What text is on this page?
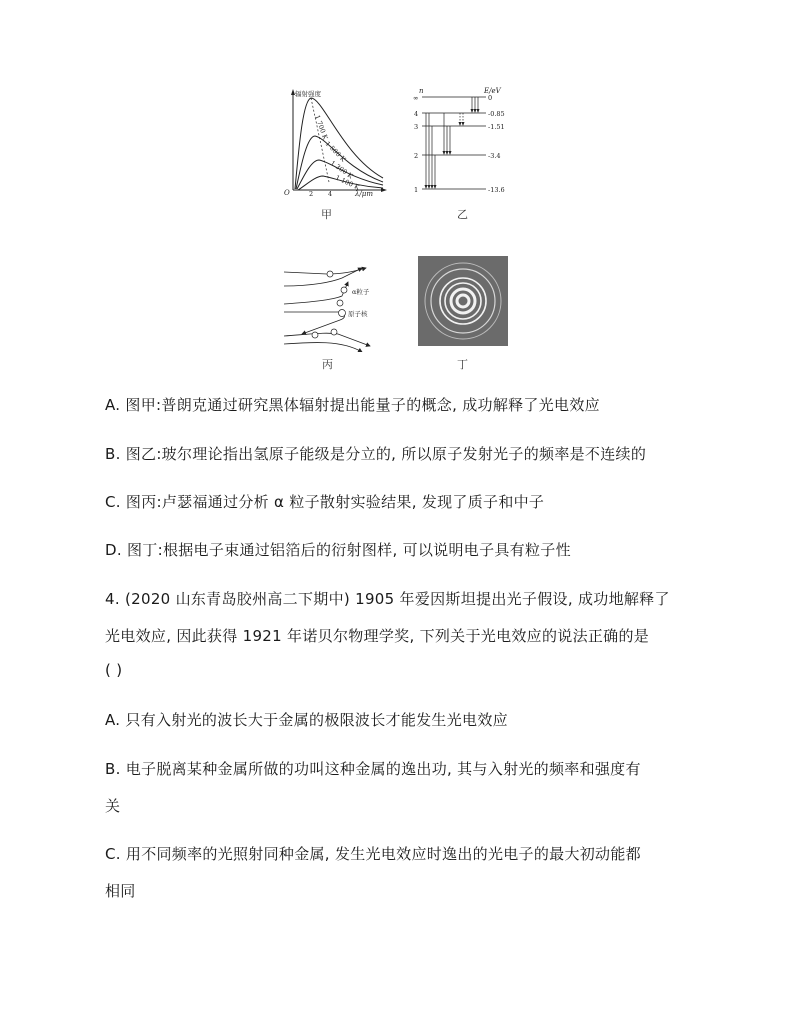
辐射强度
O	2 4	λ/μm
1 700 K
1 500 K
1 300 K
1 100 K
甲
n	E/eV
∞
4
3
2
1
0
-0.85
-1.51
-3.4
-13.6
乙
α粒子
原子核
丙	丁
A. 图甲:普朗克通过研究黑体辐射提出能量子的概念, 成功解释了光电效应
B. 图乙:玻尔理论指出氢原子能级是分立的, 所以原子发射光子的频率是不连续的
C. 图丙:卢瑟福通过分析 α 粒子散射实验结果, 发现了质子和中子
D. 图丁:根据电子束通过铝箔后的衍射图样, 可以说明电子具有粒子性
4. (2020 山东青岛胶州高二下期中) 1905 年爱因斯坦提出光子假设, 成功地解释了
光电效应, 因此获得 1921 年诺贝尔物理学奖, 下列关于光电效应的说法正确的是
( )
A. 只有入射光的波长大于金属的极限波长才能发生光电效应
B. 电子脱离某种金属所做的功叫这种金属的逸出功, 其与入射光的频率和强度有
关
C. 用不同频率的光照射同种金属, 发生光电效应时逸出的光电子的最大初动能都
相同
